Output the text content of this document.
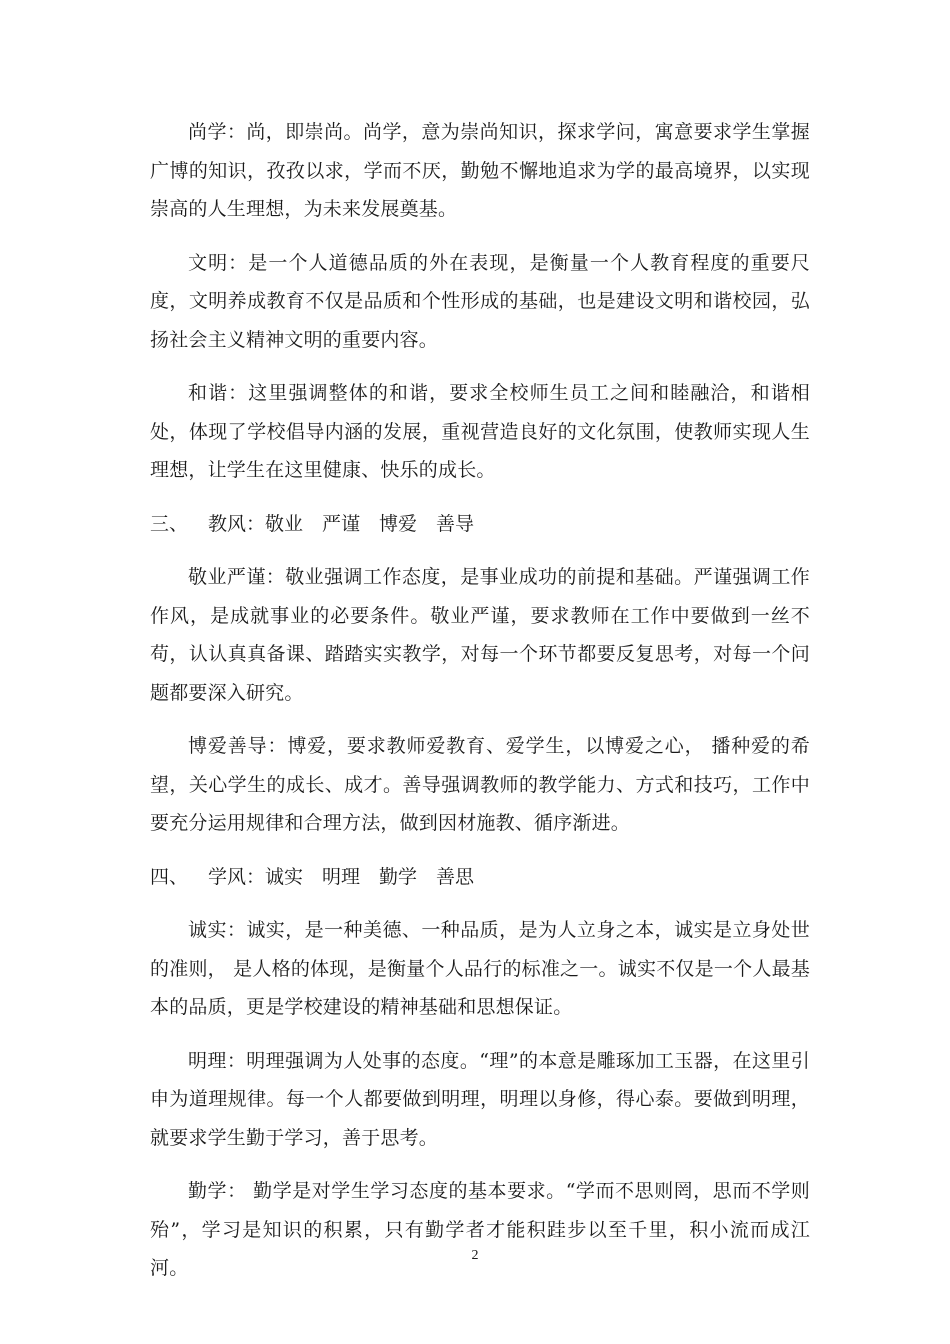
尚学：尚，即崇尚。尚学，意为崇尚知识，探求学问，寓意要求学生掌握广博的知识，孜孜以求，学而不厌，勤勉不懈地追求为学的最高境界，以实现崇高的人生理想，为未来发展奠基。

文明：是一个人道德品质的外在表现，是衡量一个人教育程度的重要尺度，文明养成教育不仅是品质和个性形成的基础，也是建设文明和谐校园，弘扬社会主义精神文明的重要内容。

和谐：这里强调整体的和谐，要求全校师生员工之间和睦融洽，和谐相处，体现了学校倡导内涵的发展，重视营造良好的文化氛围，使教师实现人生理想，让学生在这里健康、快乐的成长。

三、 教风：敬业　严谨　博爱　善导

敬业严谨：敬业强调工作态度，是事业成功的前提和基础。严谨强调工作作风，是成就事业的必要条件。敬业严谨，要求教师在工作中要做到一丝不苟，认认真真备课、踏踏实实教学，对每一个环节都要反复思考，对每一个问题都要深入研究。

博爱善导：博爱，要求教师爱教育、爱学生，以博爱之心， 播种爱的希望，关心学生的成长、成才。善导强调教师的教学能力、方式和技巧，工作中要充分运用规律和合理方法，做到因材施教、循序渐进。

四、 学风：诚实　明理　勤学　善思

诚实：诚实，是一种美德、一种品质，是为人立身之本，诚实是立身处世的准则， 是人格的体现，是衡量个人品行的标准之一。诚实不仅是一个人最基本的品质，更是学校建设的精神基础和思想保证。

明理：明理强调为人处事的态度。“理”的本意是雕琢加工玉器，在这里引申为道理规律。每一个人都要做到明理，明理以身修，得心泰。要做到明理，就要求学生勤于学习，善于思考。

勤学： 勤学是对学生学习态度的基本要求。“学而不思则罔，思而不学则殆”，学习是知识的积累，只有勤学者才能积跬步以至千里，积小流而成江河。

2
